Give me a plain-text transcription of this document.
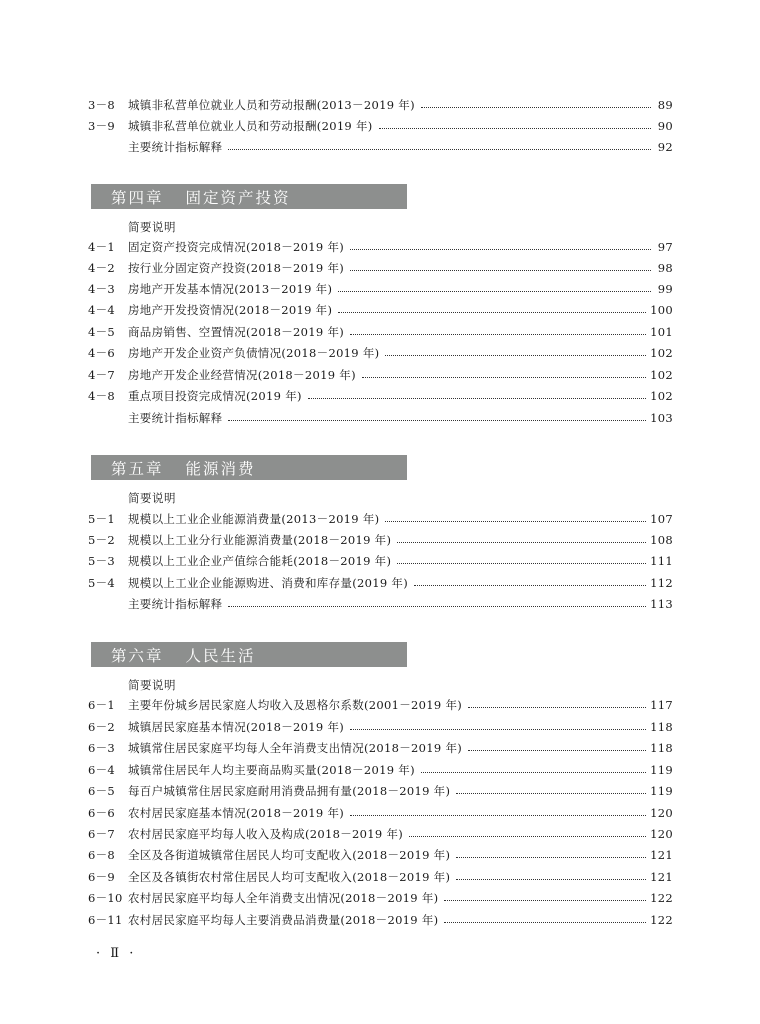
3－8	城镇非私营单位就业人员和劳动报酬(2013－2019 年)	89
3－9	城镇非私营单位就业人员和劳动报酬(2019 年)	90
主要统计指标解释	92
第四章 固定资产投资
简要说明
4－1	固定资产投资完成情况(2018－2019 年)	97
4－2	按行业分固定资产投资(2018－2019 年)	98
4－3	房地产开发基本情况(2013－2019 年)	99
4－4	房地产开发投资情况(2018－2019 年)	100
4－5	商品房销售、空置情况(2018－2019 年)	101
4－6	房地产开发企业资产负债情况(2018－2019 年)	102
4－7	房地产开发企业经营情况(2018－2019 年)	102
4－8	重点项目投资完成情况(2019 年)	102
主要统计指标解释	103
第五章 能源消费
简要说明
5－1	规模以上工业企业能源消费量(2013－2019 年)	107
5－2	规模以上工业分行业能源消费量(2018－2019 年)	108
5－3	规模以上工业企业产值综合能耗(2018－2019 年)	111
5－4	规模以上工业企业能源购进、消费和库存量(2019 年)	112
主要统计指标解释	113
第六章 人民生活
简要说明
6－1	主要年份城乡居民家庭人均收入及恩格尔系数(2001－2019 年)	117
6－2	城镇居民家庭基本情况(2018－2019 年)	118
6－3	城镇常住居民家庭平均每人全年消费支出情况(2018－2019 年)	118
6－4	城镇常住居民年人均主要商品购买量(2018－2019 年)	119
6－5	每百户城镇常住居民家庭耐用消费品拥有量(2018－2019 年)	119
6－6	农村居民家庭基本情况(2018－2019 年)	120
6－7	农村居民家庭平均每人收入及构成(2018－2019 年)	120
6－8	全区及各街道城镇常住居民人均可支配收入(2018－2019 年)	121
6－9	全区及各镇街农村常住居民人均可支配收入(2018－2019 年)	121
6－10 农村居民家庭平均每人全年消费支出情况(2018－2019 年)	122
6－11 农村居民家庭平均每人主要消费品消费量(2018－2019 年)	122
· Ⅱ ·
